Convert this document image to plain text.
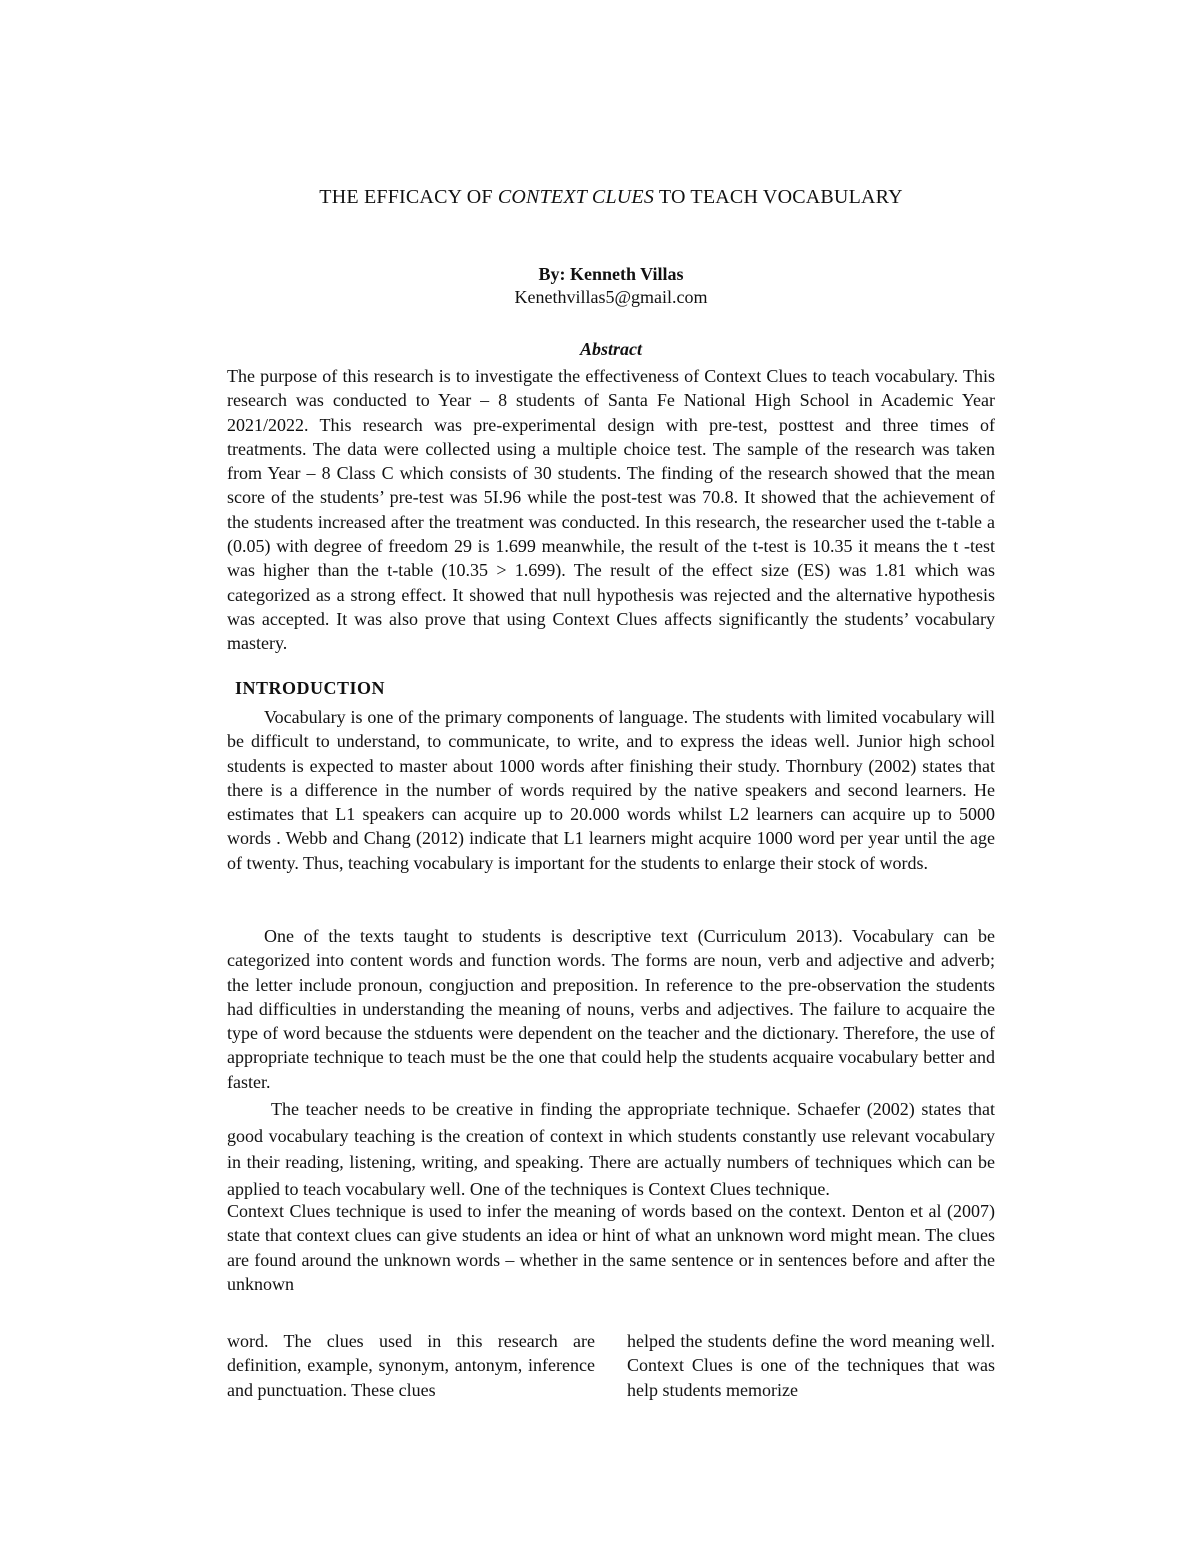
THE EFFICACY OF CONTEXT CLUES TO TEACH VOCABULARY
By: Kenneth Villas
Kenethvillas5@gmail.com
Abstract

The purpose of this research is to investigate the effectiveness of Context Clues to teach vocabulary. This research was conducted to Year – 8 students of Santa Fe National High School in Academic Year 2021/2022. This research was pre-experimental design with pre-test, posttest and three times of treatments. The data were collected using a multiple choice test. The sample of the research was taken from Year – 8 Class C which consists of 30 students. The finding of the research showed that the mean score of the students’ pre-test was 5I.96 while the post-test was 70.8. It showed that the achievement of the students increased after the treatment was conducted. In this research, the researcher used the t-table a (0.05) with degree of freedom 29 is 1.699 meanwhile, the result of the t-test is 10.35 it means the t -test was higher than the t-table (10.35 > 1.699). The result of the effect size (ES) was 1.81 which was categorized as a strong effect. It showed that null hypothesis was rejected and the alternative hypothesis was accepted. It was also prove that using Context Clues affects significantly the students’ vocabulary mastery.

INTRODUCTION

Vocabulary is one of the primary components of language. The students with limited vocabulary will be difficult to understand, to communicate, to write, and to express the ideas well. Junior high school students is expected to master about 1000 words after finishing their study. Thornbury (2002) states that there is a difference in the number of words required by the native speakers and second learners. He estimates that L1 speakers can acquire up to 20.000 words whilst L2 learners can acquire up to 5000 words . Webb and Chang (2012) indicate that L1 learners might acquire 1000 word per year until the age of twenty. Thus, teaching vocabulary is important for the students to enlarge their stock of words.

One of the texts taught to students is descriptive text (Curriculum 2013). Vocabulary can be categorized into content words and function words. The forms are noun, verb and adjective and adverb; the letter include pronoun, congjuction and preposition. In reference to the pre-observation the students had difficulties in understanding the meaning of nouns, verbs and adjectives. The failure to acquaire the type of word because the stduents were dependent on the teacher and the dictionary. Therefore, the use of appropriate technique to teach must be the one that could help the students acquaire vocabulary better and faster.

The teacher needs to be creative in finding the appropriate technique. Schaefer (2002) states that good vocabulary teaching is the creation of context in which students constantly use relevant vocabulary in their reading, listening, writing, and speaking. There are actually numbers of techniques which can be applied to teach vocabulary well. One of the techniques is Context Clues technique.

Context Clues technique is used to infer the meaning of words based on the context. Denton et al (2007) state that context clues can give students an idea or hint of what an unknown word might mean. The clues are found around the unknown words – whether in the same sentence or in sentences before and after the unknown

word. The clues used in this research are definition, example, synonym, antonym, inference and punctuation. These clues

helped the students define the word meaning well. Context Clues is one of the techniques that was help students memorize
